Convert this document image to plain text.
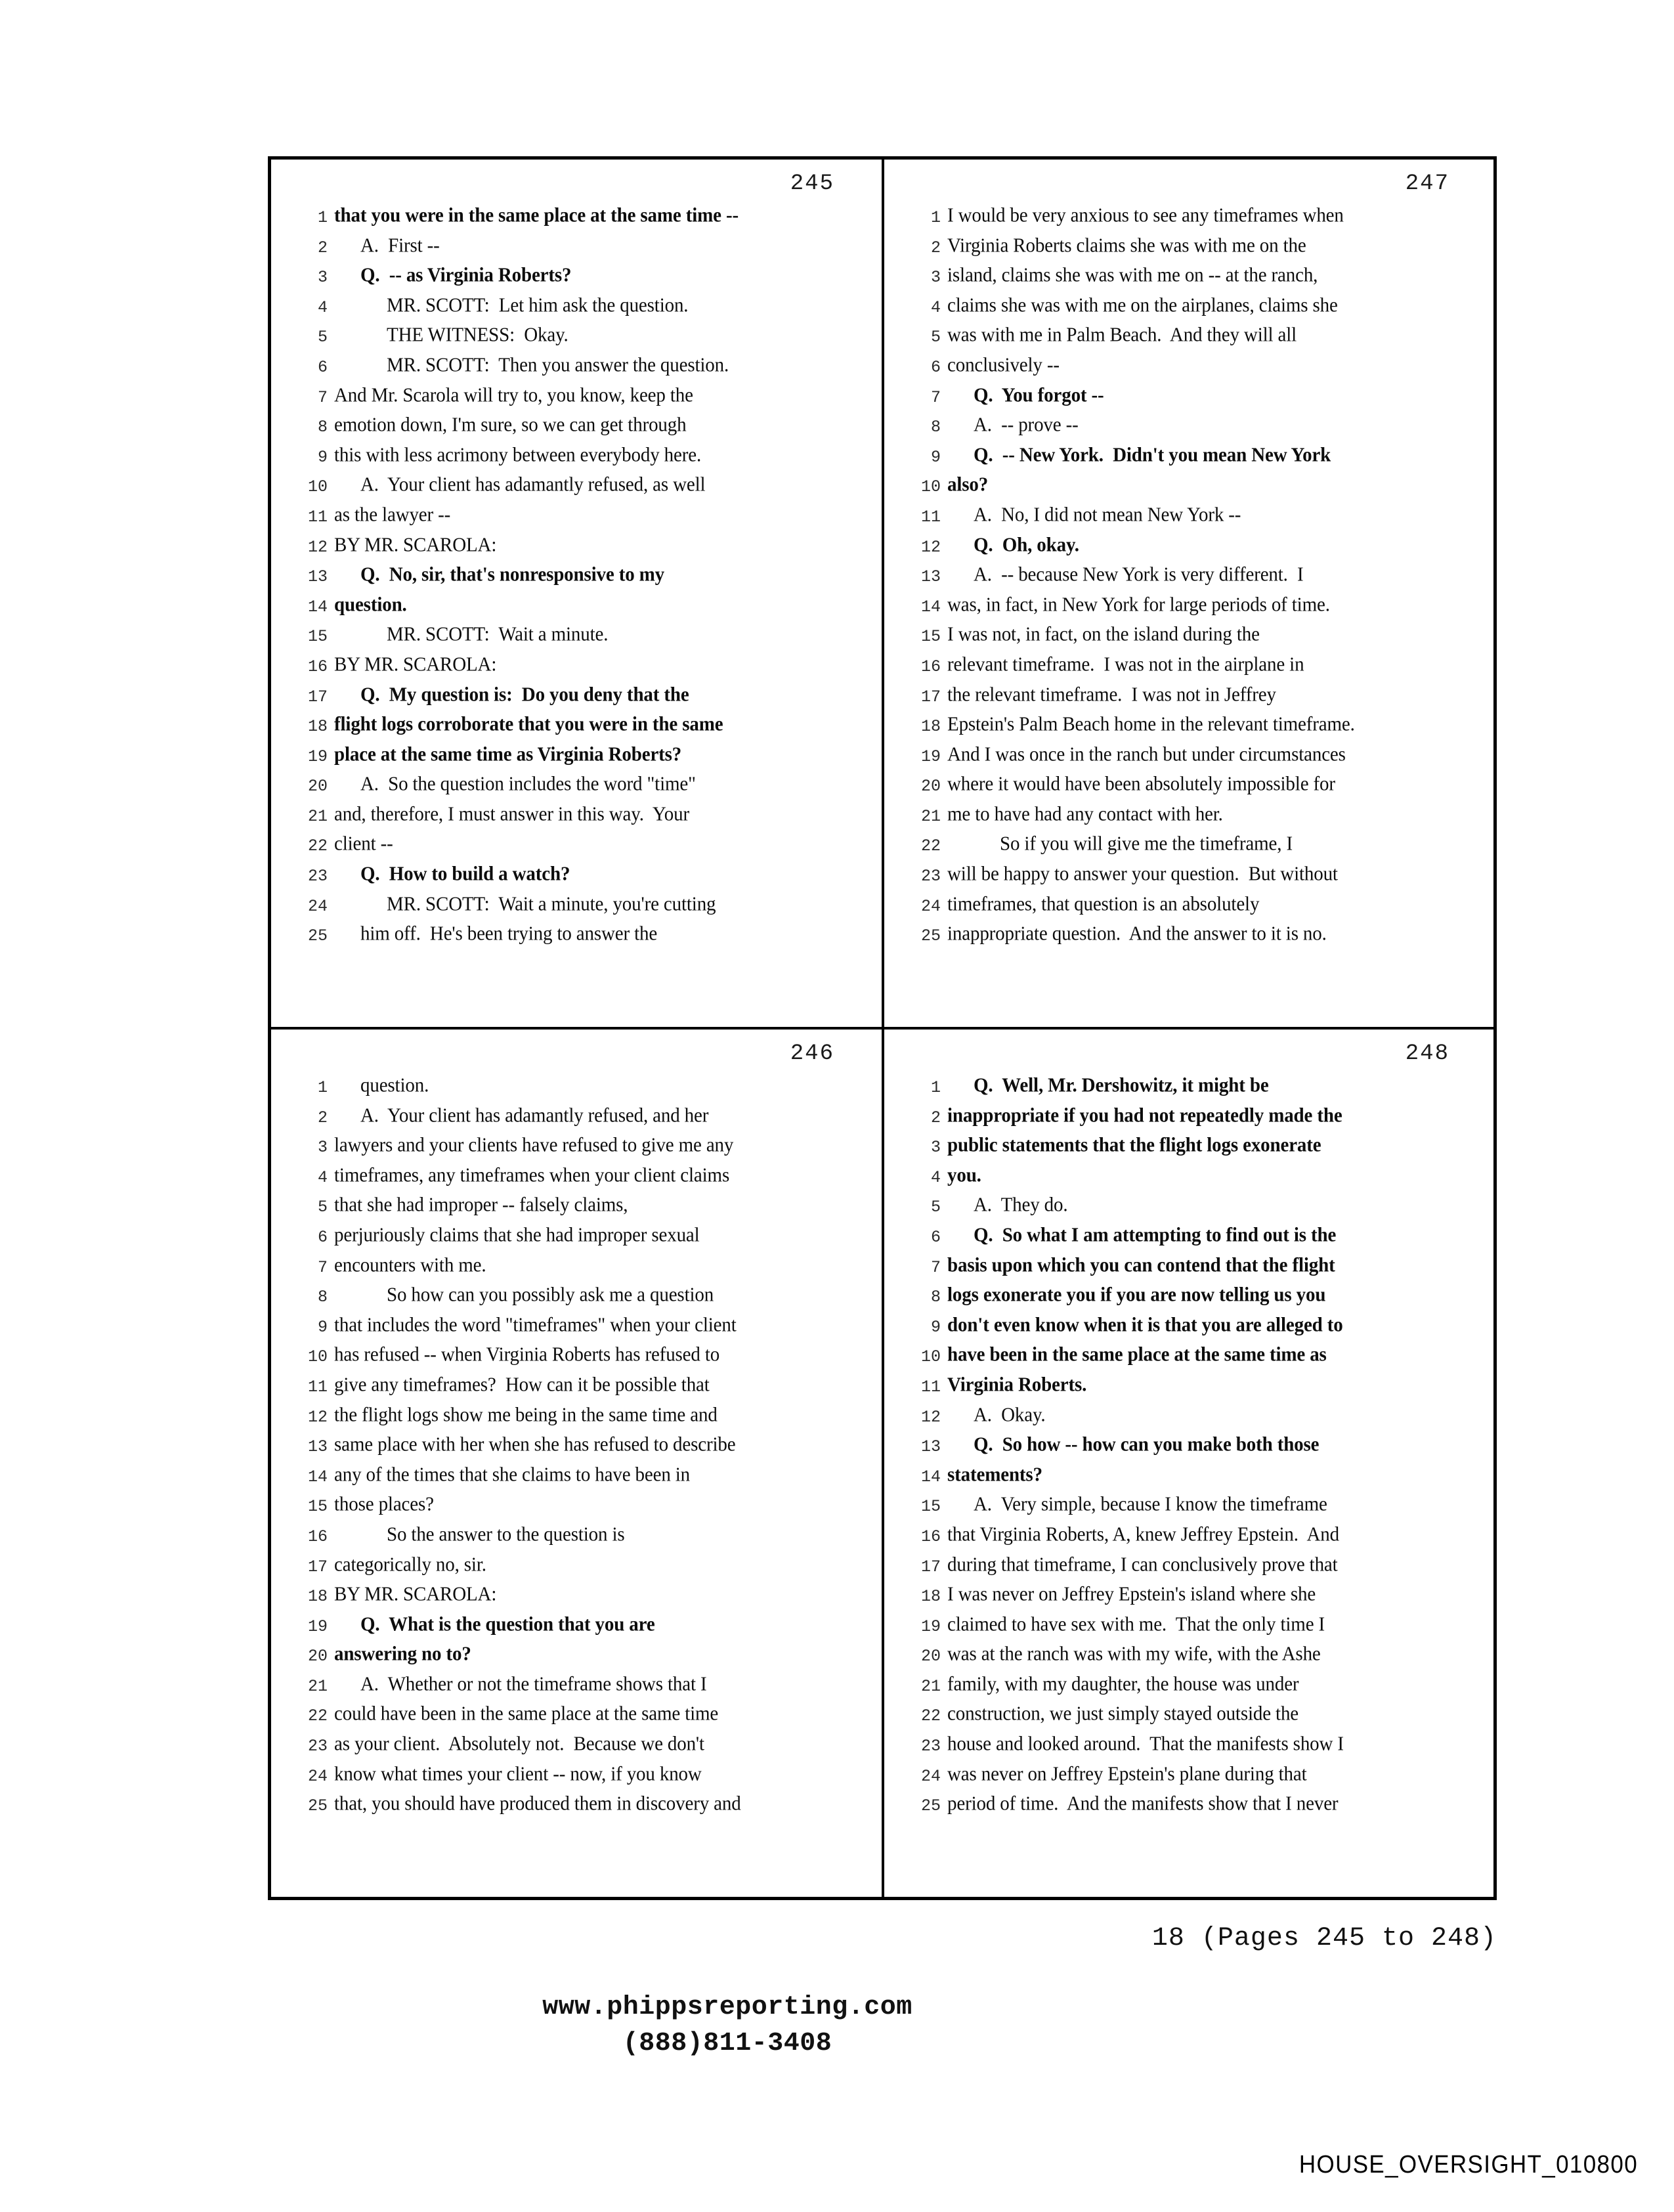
245
1 that you were in the same place at the same time --
2	A.  First --
3	Q.  -- as Virginia Roberts?
4	MR. SCOTT:  Let him ask the question.
5	THE WITNESS:  Okay.
6	MR. SCOTT:  Then you answer the question.
7 And Mr. Scarola will try to, you know, keep the
8 emotion down, I'm sure, so we can get through
9 this with less acrimony between everybody here.
10	A.  Your client has adamantly refused, as well
11 as the lawyer --
12 BY MR. SCAROLA:
13	Q.  No, sir, that's nonresponsive to my
14 question.
15	MR. SCOTT:  Wait a minute.
16 BY MR. SCAROLA:
17	Q.  My question is:  Do you deny that the
18 flight logs corroborate that you were in the same
19 place at the same time as Virginia Roberts?
20	A.  So the question includes the word "time"
21 and, therefore, I must answer in this way.  Your
22 client --
23	Q.  How to build a watch?
24	MR. SCOTT:  Wait a minute, you're cutting
25	him off.  He's been trying to answer the
247
1 I would be very anxious to see any timeframes when
2 Virginia Roberts claims she was with me on the
3 island, claims she was with me on -- at the ranch,
4 claims she was with me on the airplanes, claims she
5 was with me in Palm Beach.  And they will all
6 conclusively --
7	Q.  You forgot --
8	A.  -- prove --
9	Q.  -- New York.  Didn't you mean New York
10 also?
11	A.  No, I did not mean New York --
12	Q.  Oh, okay.
13	A.  -- because New York is very different.  I
14 was, in fact, in New York for large periods of time.
15 I was not, in fact, on the island during the
16 relevant timeframe.  I was not in the airplane in
17 the relevant timeframe.  I was not in Jeffrey
18 Epstein's Palm Beach home in the relevant timeframe.
19 And I was once in the ranch but under circumstances
20 where it would have been absolutely impossible for
21 me to have had any contact with her.
22	So if you will give me the timeframe, I
23 will be happy to answer your question.  But without
24 timeframes, that question is an absolutely
25 inappropriate question.  And the answer to it is no.
246
1	question.
2	A.  Your client has adamantly refused, and her
3 lawyers and your clients have refused to give me any
4 timeframes, any timeframes when your client claims
5 that she had improper -- falsely claims,
6 perjuriously claims that she had improper sexual
7 encounters with me.
8	So how can you possibly ask me a question
9 that includes the word "timeframes" when your client
10 has refused -- when Virginia Roberts has refused to
11 give any timeframes?  How can it be possible that
12 the flight logs show me being in the same time and
13 same place with her when she has refused to describe
14 any of the times that she claims to have been in
15 those places?
16	So the answer to the question is
17 categorically no, sir.
18 BY MR. SCAROLA:
19	Q.  What is the question that you are
20 answering no to?
21	A.  Whether or not the timeframe shows that I
22 could have been in the same place at the same time
23 as your client.  Absolutely not.  Because we don't
24 know what times your client -- now, if you know
25 that, you should have produced them in discovery and
248
1	Q.  Well, Mr. Dershowitz, it might be
2 inappropriate if you had not repeatedly made the
3 public statements that the flight logs exonerate
4 you.
5	A.  They do.
6	Q.  So what I am attempting to find out is the
7 basis upon which you can contend that the flight
8 logs exonerate you if you are now telling us you
9 don't even know when it is that you are alleged to
10 have been in the same place at the same time as
11 Virginia Roberts.
12	A.  Okay.
13	Q.  So how -- how can you make both those
14 statements?
15	A.  Very simple, because I know the timeframe
16 that Virginia Roberts, A, knew Jeffrey Epstein.  And
17 during that timeframe, I can conclusively prove that
18 I was never on Jeffrey Epstein's island where she
19 claimed to have sex with me.  That the only time I
20 was at the ranch was with my wife, with the Ashe
21 family, with my daughter, the house was under
22 construction, we just simply stayed outside the
23 house and looked around.  That the manifests show I
24 was never on Jeffrey Epstein's plane during that
25 period of time.  And the manifests show that I never
18 (Pages 245 to 248)
www.phippsreporting.com
(888)811-3408
HOUSE_OVERSIGHT_010800
